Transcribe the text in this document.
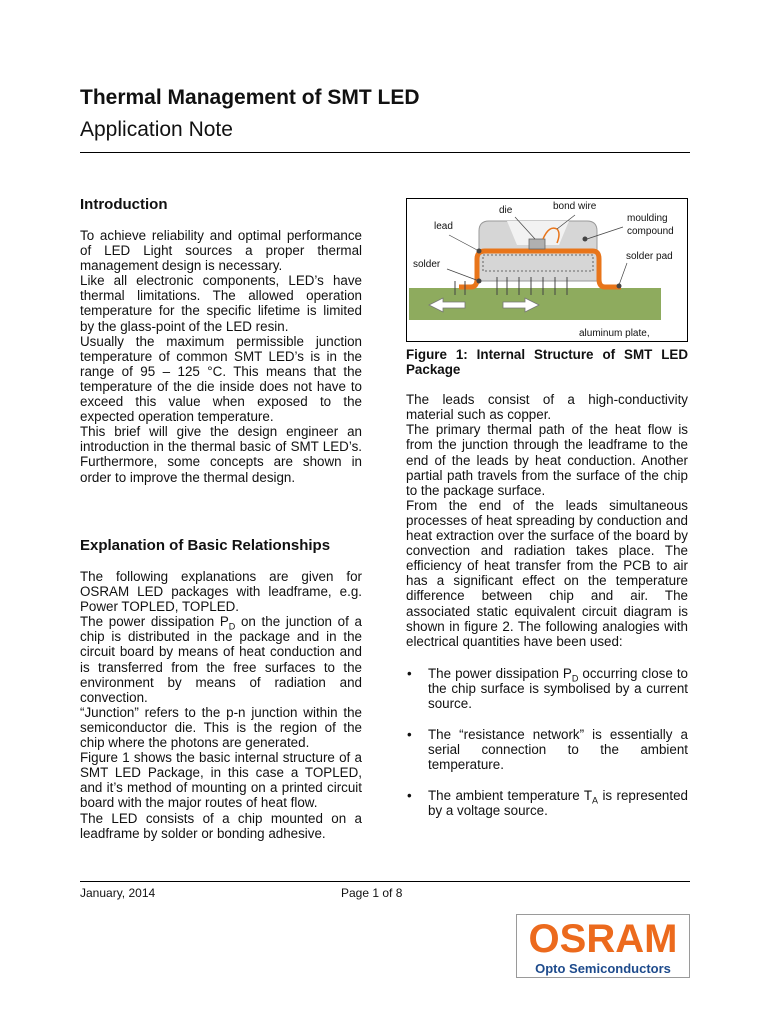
Thermal Management of SMT LED
Application Note
Introduction

To achieve reliability and optimal performance of LED Light sources a proper thermal management design is necessary.

Like all electronic components, LED’s have thermal limitations. The allowed operation temperature for the specific lifetime is limited by the glass-point of the LED resin.

Usually the maximum permissible junction temperature of common SMT LED’s is in the range of 95 – 125 °C. This means that the temperature of the die inside does not have to exceed this value when exposed to the expected operation temperature.

This brief will give the design engineer an introduction in the thermal basic of SMT LED’s. Furthermore, some concepts are shown in order to improve the thermal design.

Explanation of Basic Relationships

The following explanations are given for OSRAM LED packages with leadframe, e.g. Power TOPLED, TOPLED.

The power dissipation $P_D$ on the junction of a chip is distributed in the package and in the circuit board by means of heat conduction and is transferred from the free surfaces to the environment by means of radiation and convection.

“Junction” refers to the p-n junction within the semiconductor die. This is the region of the chip where the photons are generated.

Figure 1 shows the basic internal structure of a SMT LED Package, in this case a TOPLED, and it’s method of mounting on a printed circuit board with the major routes of heat flow.

The LED consists of a chip mounted on a leadframe by solder or bonding adhesive.

die	bond wire
moulding
compound
lead
solder
solder pad
aluminum plate,
Figure 1: Internal Structure of SMT LED Package

The leads consist of a high-conductivity material such as copper.

The primary thermal path of the heat flow is from the junction through the leadframe to the end of the leads by heat conduction. Another partial path travels from the surface of the chip to the package surface.

From the end of the leads simultaneous processes of heat spreading by conduction and heat extraction over the surface of the board by convection and radiation takes place. The efficiency of heat transfer from the PCB to air has a significant effect on the temperature difference between chip and air. The associated static equivalent circuit diagram is shown in figure 2. The following analogies with electrical quantities have been used:

• The power dissipation $P_D$ occurring close to the chip surface is symbolised by a current source.
• The “resistance network” is essentially a serial connection to the ambient temperature.
• The ambient temperature $T_A$ is represented by a voltage source.
January, 2014	Page 1 of 8
OSRAM
Opto Semiconductors
